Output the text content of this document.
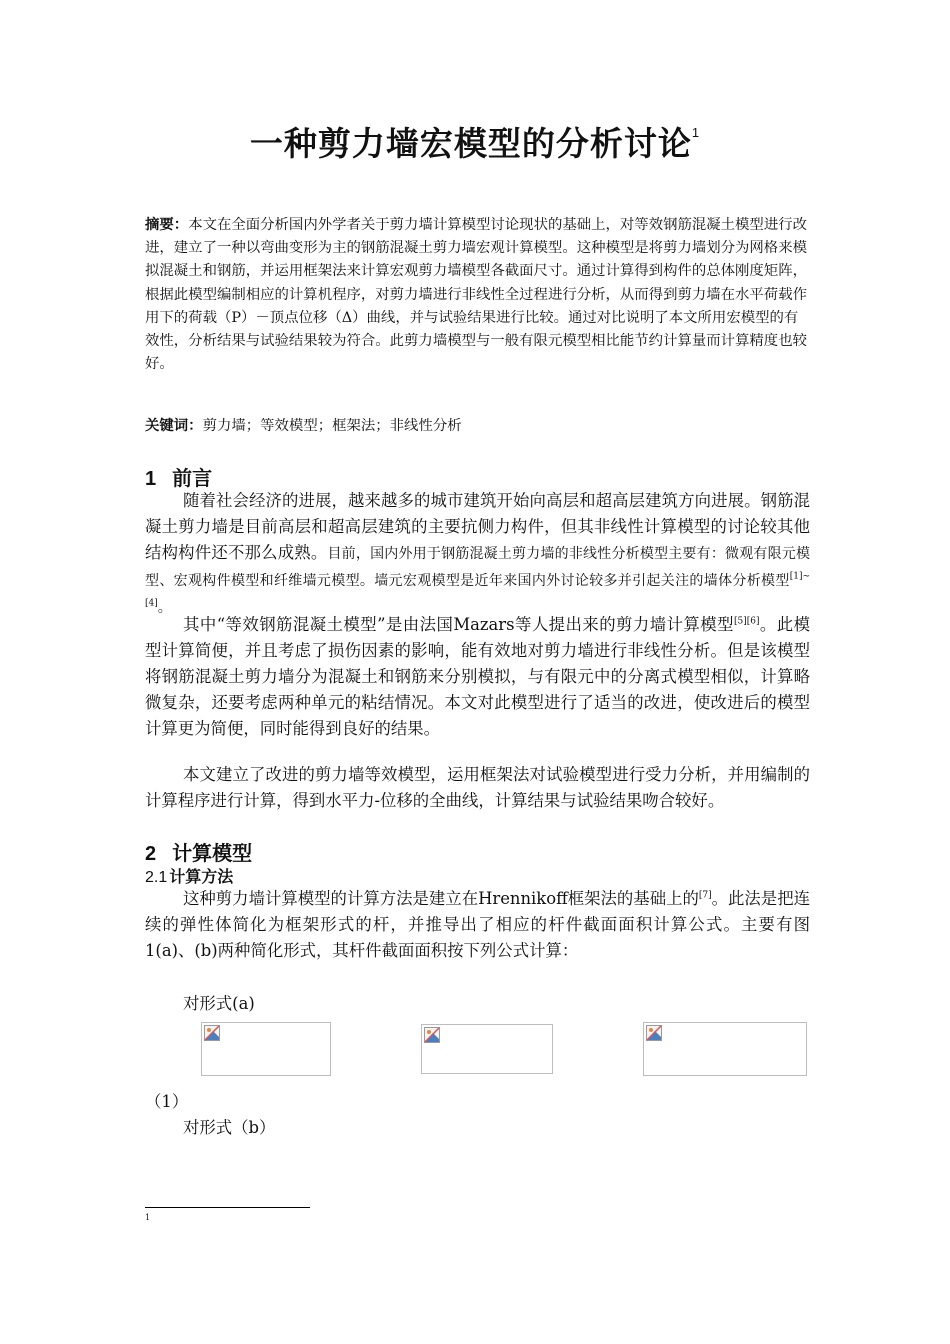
一种剪力墙宏模型的分析讨论$^1$
摘要：本文在全面分析国内外学者关于剪力墙计算模型讨论现状的基础上，对等效钢筋混凝土模型进行改进，建立了一种以弯曲变形为主的钢筋混凝土剪力墙宏观计算模型。这种模型是将剪力墙划分为网格来模拟混凝土和钢筋，并运用框架法来计算宏观剪力墙模型各截面尺寸。通过计算得到构件的总体刚度矩阵，根据此模型编制相应的计算机程序，对剪力墙进行非线性全过程进行分析，从而得到剪力墙在水平荷载作用下的荷载（P）－顶点位移（Δ）曲线，并与试验结果进行比较。通过对比说明了本文所用宏模型的有效性，分析结果与试验结果较为符合。此剪力墙模型与一般有限元模型相比能节约计算量而计算精度也较好。
关键词：剪力墙；等效模型；框架法；非线性分析
1 前言
随着社会经济的进展，越来越多的城市建筑开始向高层和超高层建筑方向进展。钢筋混凝土剪力墙是目前高层和超高层建筑的主要抗侧力构件，但其非线性计算模型的讨论较其他结构构件还不那么成熟。目前，国内外用于钢筋混凝土剪力墙的非线性分析模型主要有：微观有限元模型、宏观构件模型和纤维墙元模型。墙元宏观模型是近年来国内外讨论较多并引起关注的墙体分析模型[1]~[4]。
其中“等效钢筋混凝土模型”是由法国Mazars等人提出来的剪力墙计算模型[5][6]。此模型计算简便，并且考虑了损伤因素的影响，能有效地对剪力墙进行非线性分析。但是该模型将钢筋混凝土剪力墙分为混凝土和钢筋来分别模拟，与有限元中的分离式模型相似，计算略微复杂，还要考虑两种单元的粘结情况。本文对此模型进行了适当的改进，使改进后的模型计算更为简便，同时能得到良好的结果。
本文建立了改进的剪力墙等效模型，运用框架法对试验模型进行受力分析，并用编制的计算程序进行计算，得到水平力-位移的全曲线，计算结果与试验结果吻合较好。
2 计算模型
2.1 计算方法
这种剪力墙计算模型的计算方法是建立在Hrennikoff框架法的基础上的[7]。此法是把连续的弹性体简化为框架形式的杆，并推导出了相应的杆件截面面积计算公式。主要有图1(a)、(b)两种简化形式，其杆件截面面积按下列公式计算：
对形式(a)
（1）
对形式（b）
1
